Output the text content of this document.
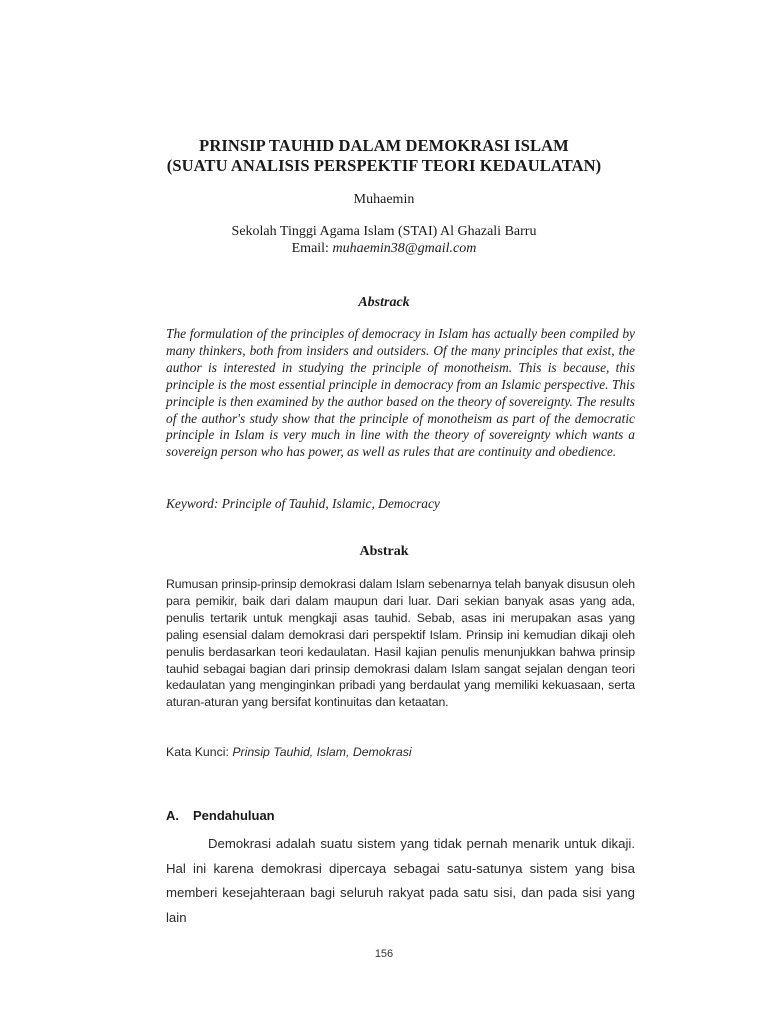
PRINSIP TAUHID DALAM DEMOKRASI ISLAM
(SUATU ANALISIS PERSPEKTIF TEORI KEDAULATAN)
Muhaemin
Sekolah Tinggi Agama Islam (STAI) Al Ghazali Barru
Email: muhaemin38@gmail.com
Abstrack
The formulation of the principles of democracy in Islam has actually been compiled by many thinkers, both from insiders and outsiders. Of the many principles that exist, the author is interested in studying the principle of monotheism. This is because, this principle is the most essential principle in democracy from an Islamic perspective. This principle is then examined by the author based on the theory of sovereignty. The results of the author's study show that the principle of monotheism as part of the democratic principle in Islam is very much in line with the theory of sovereignty which wants a sovereign person who has power, as well as rules that are continuity and obedience.
Keyword: Principle of Tauhid, Islamic, Democracy
Abstrak
Rumusan prinsip-prinsip demokrasi dalam Islam sebenarnya telah banyak disusun oleh para pemikir, baik dari dalam maupun dari luar. Dari sekian banyak asas yang ada, penulis tertarik untuk mengkaji asas tauhid. Sebab, asas ini merupakan asas yang paling esensial dalam demokrasi dari perspektif Islam. Prinsip ini kemudian dikaji oleh penulis berdasarkan teori kedaulatan. Hasil kajian penulis menunjukkan bahwa prinsip tauhid sebagai bagian dari prinsip demokrasi dalam Islam sangat sejalan dengan teori kedaulatan yang menginginkan pribadi yang berdaulat yang memiliki kekuasaan, serta aturan-aturan yang bersifat kontinuitas dan ketaatan.
Kata Kunci: Prinsip Tauhid, Islam, Demokrasi
A. Pendahuluan

Demokrasi adalah suatu sistem yang tidak pernah menarik untuk dikaji. Hal ini karena demokrasi dipercaya sebagai satu-satunya sistem yang bisa memberi kesejahteraan bagi seluruh rakyat pada satu sisi, dan pada sisi yang lain

156
